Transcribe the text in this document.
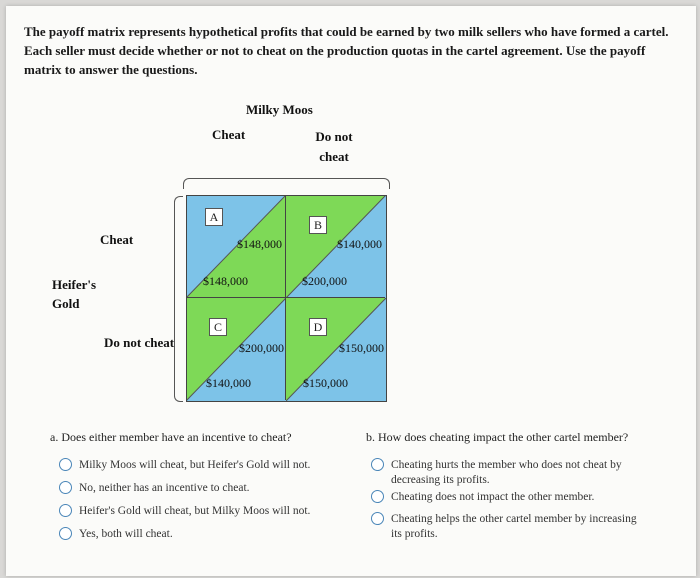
The payoff matrix represents hypothetical profits that could be earned by two milk sellers who have formed a cartel. Each seller must decide whether or not to cheat on the production quotas in the cartel agreement. Use the payoff matrix to answer the questions.
Milky Moos
Cheat	Do not cheat
Cheat
Heifer's Gold
Do not cheat
A
$148,000
$148,000
B
$140,000
$200,000
C
$200,000
$140,000
D
$150,000
$150,000
a. Does either member have an incentive to cheat?
Milky Moos will cheat, but Heifer's Gold will not.
No, neither has an incentive to cheat.
Heifer's Gold will cheat, but Milky Moos will not.
Yes, both will cheat.
b. How does cheating impact the other cartel member?
Cheating hurts the member who does not cheat by decreasing its profits.
Cheating does not impact the other member.
Cheating helps the other cartel member by increasing its profits.
